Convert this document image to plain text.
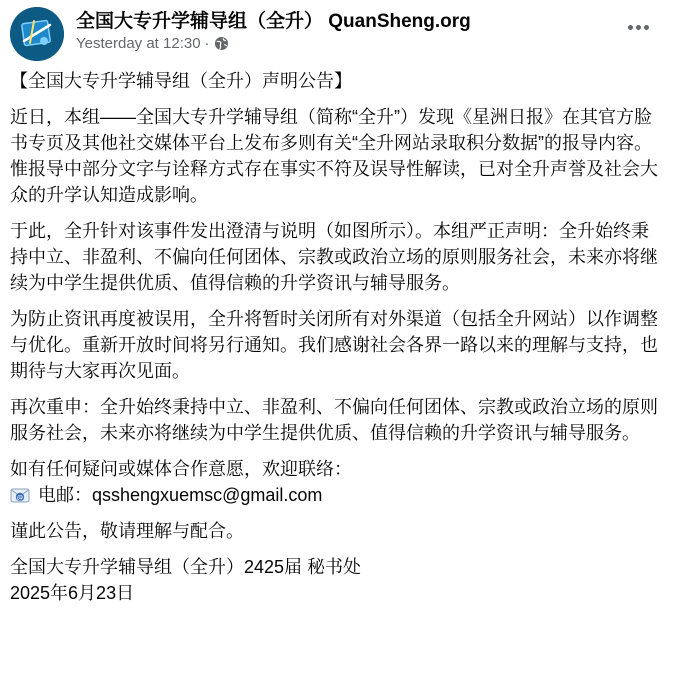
全国大专升学辅导组（全升） QuanSheng.org
Yesterday at 12:30 ·

【全国大专升学辅导组（全升）声明公告】

近日，本组——全国大专升学辅导组（简称“全升”）发现《星洲日报》在其官方脸书专页及其他社交媒体平台上发布多则有关“全升网站录取积分数据”的报导内容。惟报导中部分文字与诠释方式存在事实不符及误导性解读，已对全升声誉及社会大众的升学认知造成影响。

于此，全升针对该事件发出澄清与说明（如图所示）。本组严正声明：全升始终秉持中立、非盈利、不偏向任何团体、宗教或政治立场的原则服务社会，未来亦将继续为中学生提供优质、值得信赖的升学资讯与辅导服务。

为防止资讯再度被误用，全升将暂时关闭所有对外渠道（包括全升网站）以作调整与优化。重新开放时间将另行通知。我们感谢社会各界一路以来的理解与支持，也期待与大家再次见面。

再次重申：全升始终秉持中立、非盈利、不偏向任何团体、宗教或政治立场的原则服务社会，未来亦将继续为中学生提供优质、值得信赖的升学资讯与辅导服务。

如有任何疑问或媒体合作意愿，欢迎联络：

@ 电邮：qsshengxuemsc@gmail.com

谨此公告，敬请理解与配合。

全国大专升学辅导组（全升）2425届 秘书处

2025年6月23日
